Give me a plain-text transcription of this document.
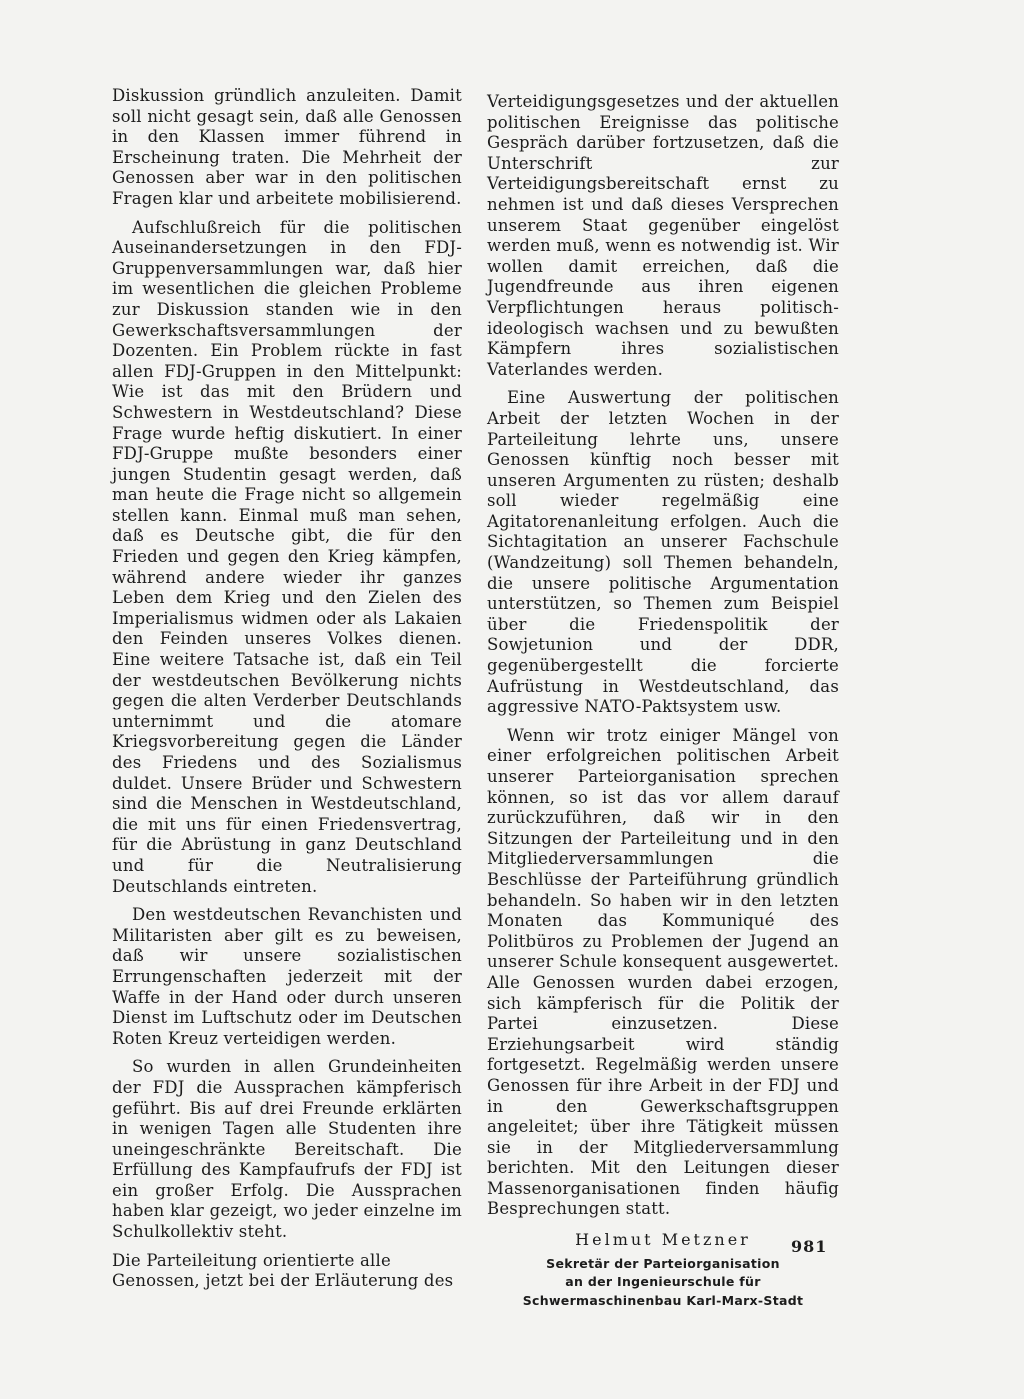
Diskussion gründlich anzuleiten. Damit soll nicht gesagt sein, daß alle Genossen in den Klassen immer führend in Erscheinung traten. Die Mehrheit der Genossen aber war in den politischen Fragen klar und arbeitete mobilisierend.

Aufschlußreich für die politischen Auseinandersetzungen in den FDJ-Gruppenversammlungen war, daß hier im wesentlichen die gleichen Probleme zur Diskussion standen wie in den Gewerkschaftsversammlungen der Dozenten. Ein Problem rückte in fast allen FDJ-Gruppen in den Mittelpunkt: Wie ist das mit den Brüdern und Schwestern in Westdeutschland? Diese Frage wurde heftig diskutiert. In einer FDJ-Gruppe mußte besonders einer jungen Studentin gesagt werden, daß man heute die Frage nicht so allgemein stellen kann. Einmal muß man sehen, daß es Deutsche gibt, die für den Frieden und gegen den Krieg kämpfen, während andere wieder ihr ganzes Leben dem Krieg und den Zielen des Imperialismus widmen oder als Lakaien den Feinden unseres Volkes dienen. Eine weitere Tatsache ist, daß ein Teil der westdeutschen Bevölkerung nichts gegen die alten Verderber Deutschlands unternimmt und die atomare Kriegsvorbereitung gegen die Länder des Friedens und des Sozialismus duldet. Unsere Brüder und Schwestern sind die Menschen in Westdeutschland, die mit uns für einen Friedensvertrag, für die Abrüstung in ganz Deutschland und für die Neutralisierung Deutschlands eintreten.

Den westdeutschen Revanchisten und Militaristen aber gilt es zu beweisen, daß wir unsere sozialistischen Errungenschaften jederzeit mit der Waffe in der Hand oder durch unseren Dienst im Luftschutz oder im Deutschen Roten Kreuz verteidigen werden.

So wurden in allen Grundeinheiten der FDJ die Aussprachen kämpferisch geführt. Bis auf drei Freunde erklärten in wenigen Tagen alle Studenten ihre uneingeschränkte Bereitschaft. Die Erfüllung des Kampfaufrufs der FDJ ist ein großer Erfolg. Die Aussprachen haben klar gezeigt, wo jeder einzelne im Schulkollektiv steht.

Die Parteileitung orientierte alle Genossen, jetzt bei der Erläuterung des

Verteidigungsgesetzes und der aktuellen politischen Ereignisse das politische Gespräch darüber fortzusetzen, daß die Unterschrift zur Verteidigungsbereitschaft ernst zu nehmen ist und daß dieses Versprechen unserem Staat gegenüber eingelöst werden muß, wenn es notwendig ist. Wir wollen damit erreichen, daß die Jugendfreunde aus ihren eigenen Verpflichtungen heraus politisch-ideologisch wachsen und zu bewußten Kämpfern ihres sozialistischen Vaterlandes werden.

Eine Auswertung der politischen Arbeit der letzten Wochen in der Parteileitung lehrte uns, unsere Genossen künftig noch besser mit unseren Argumenten zu rüsten; deshalb soll wieder regelmäßig eine Agitatorenanleitung erfolgen. Auch die Sichtagitation an unserer Fachschule (Wandzeitung) soll Themen behandeln, die unsere politische Argumentation unterstützen, so Themen zum Beispiel über die Friedenspolitik der Sowjetunion und der DDR, gegenübergestellt die forcierte Aufrüstung in Westdeutschland, das aggressive NATO-Paktsystem usw.

Wenn wir trotz einiger Mängel von einer erfolgreichen politischen Arbeit unserer Parteiorganisation sprechen können, so ist das vor allem darauf zurückzuführen, daß wir in den Sitzungen der Parteileitung und in den Mitgliederversammlungen die Beschlüsse der Parteiführung gründlich behandeln. So haben wir in den letzten Monaten das Kommuniqué des Politbüros zu Problemen der Jugend an unserer Schule konsequent ausgewertet. Alle Genossen wurden dabei erzogen, sich kämpferisch für die Politik der Partei einzusetzen. Diese Erziehungsarbeit wird ständig fortgesetzt. Regelmäßig werden unsere Genossen für ihre Arbeit in der FDJ und in den Gewerkschaftsgruppen angeleitet; über ihre Tätigkeit müssen sie in der Mitgliederversammlung berichten. Mit den Leitungen dieser Massenorganisationen finden häufig Besprechungen statt.

Helmut Metzner
Sekretär der Parteiorganisation
an der Ingenieurschule für
Schwermaschinenbau Karl-Marx-Stadt
981
